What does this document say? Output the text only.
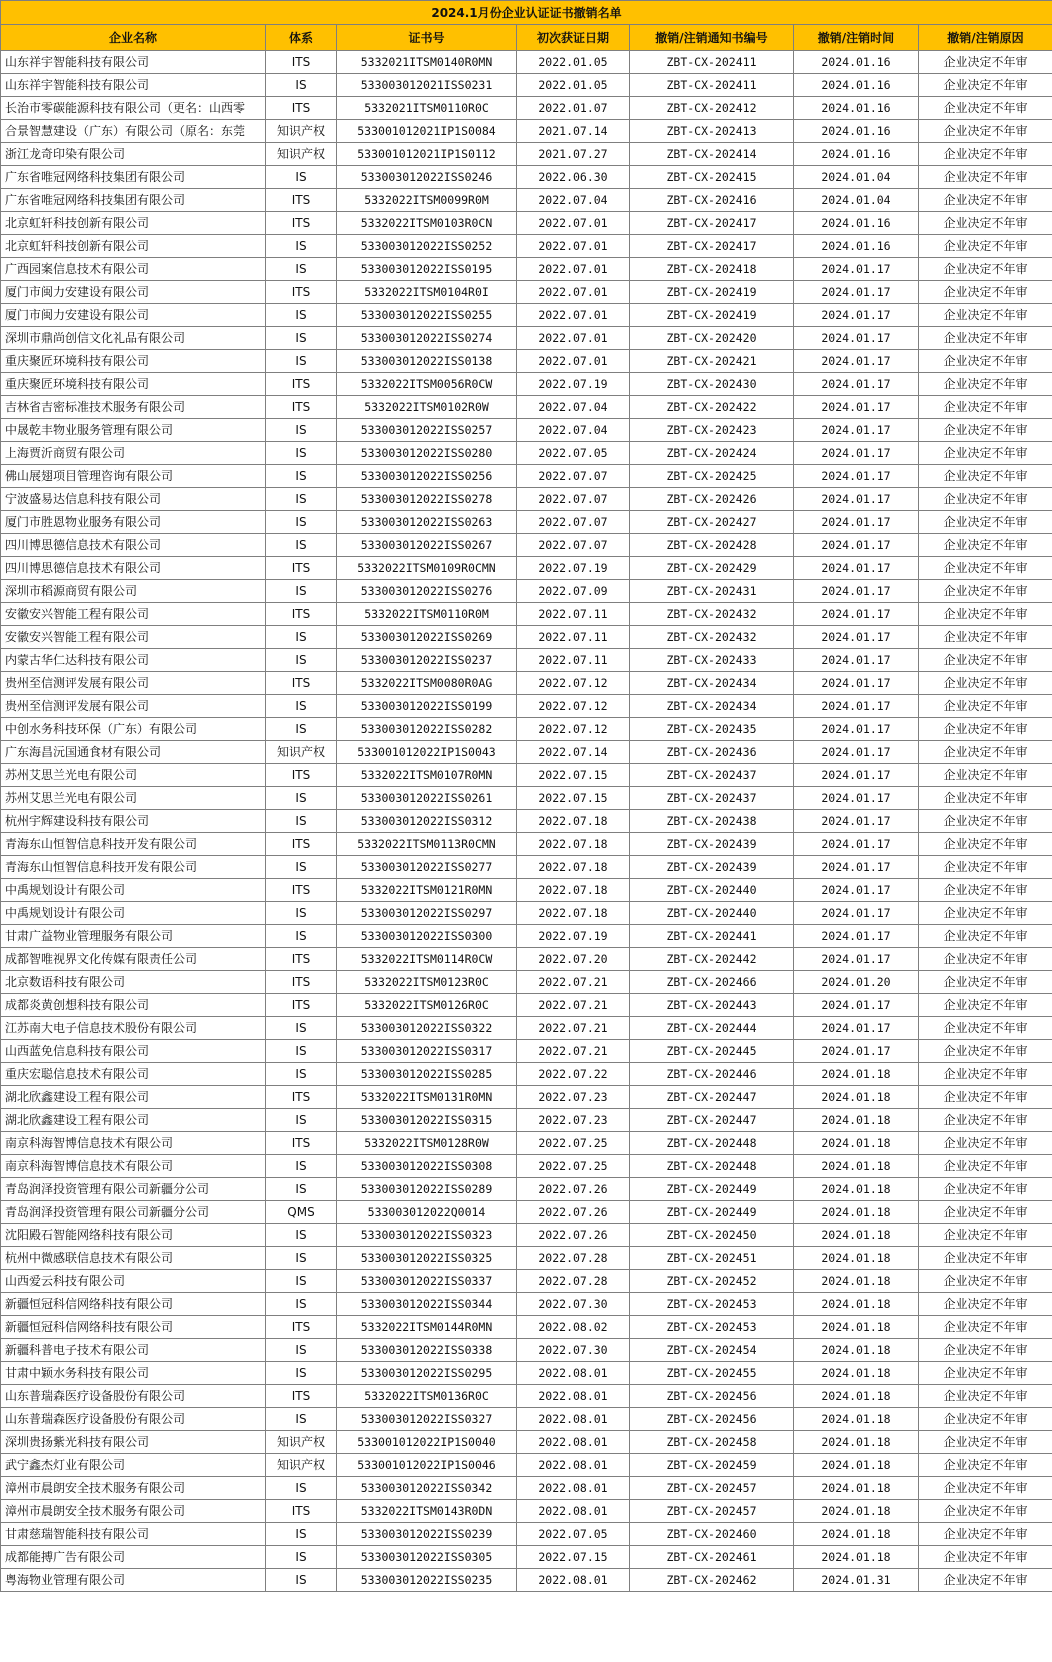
2024.1月份企业认证证书撤销名单						
企业名称	体系	证书号	初次获证日期	撤销/注销通知书编号	撤销/注销时间	撤销/注销原因
山东祥宇智能科技有限公司	ITS	5332021ITSM0140R0MN	2022.01.05	ZBT-CX-202411	2024.01.16	企业决定不年审
山东祥宇智能科技有限公司	IS	533003012021ISS0231	2022.01.05	ZBT-CX-202411	2024.01.16	企业决定不年审
长治市零碳能源科技有限公司（更名：山西零	ITS	5332021ITSM0110R0C	2022.01.07	ZBT-CX-202412	2024.01.16	企业决定不年审
合景智慧建设（广东）有限公司（原名：东莞	知识产权	533001012021IP1S0084	2021.07.14	ZBT-CX-202413	2024.01.16	企业决定不年审
浙江龙奇印染有限公司	知识产权	533001012021IP1S0112	2021.07.27	ZBT-CX-202414	2024.01.16	企业决定不年审
广东省唯冠网络科技集团有限公司	IS	533003012022ISS0246	2022.06.30	ZBT-CX-202415	2024.01.04	企业决定不年审
广东省唯冠网络科技集团有限公司	ITS	5332022ITSM0099R0M	2022.07.04	ZBT-CX-202416	2024.01.04	企业决定不年审
北京虹轩科技创新有限公司	ITS	5332022ITSM0103R0CN	2022.07.01	ZBT-CX-202417	2024.01.16	企业决定不年审
北京虹轩科技创新有限公司	IS	533003012022ISS0252	2022.07.01	ZBT-CX-202417	2024.01.16	企业决定不年审
广西园案信息技术有限公司	IS	533003012022ISS0195	2022.07.01	ZBT-CX-202418	2024.01.17	企业决定不年审
厦门市闽力安建设有限公司	ITS	5332022ITSM0104R0I	2022.07.01	ZBT-CX-202419	2024.01.17	企业决定不年审
厦门市闽力安建设有限公司	IS	533003012022ISS0255	2022.07.01	ZBT-CX-202419	2024.01.17	企业决定不年审
深圳市鼎尚创信文化礼品有限公司	IS	533003012022ISS0274	2022.07.01	ZBT-CX-202420	2024.01.17	企业决定不年审
重庆聚匠环境科技有限公司	IS	533003012022ISS0138	2022.07.01	ZBT-CX-202421	2024.01.17	企业决定不年审
重庆聚匠环境科技有限公司	ITS	5332022ITSM0056R0CW	2022.07.19	ZBT-CX-202430	2024.01.17	企业决定不年审
吉林省吉密标准技术服务有限公司	ITS	5332022ITSM0102R0W	2022.07.04	ZBT-CX-202422	2024.01.17	企业决定不年审
中晟乾丰物业服务管理有限公司	IS	533003012022ISS0257	2022.07.04	ZBT-CX-202423	2024.01.17	企业决定不年审
上海贾沂商贸有限公司	IS	533003012022ISS0280	2022.07.05	ZBT-CX-202424	2024.01.17	企业决定不年审
佛山展翅项目管理咨询有限公司	IS	533003012022ISS0256	2022.07.07	ZBT-CX-202425	2024.01.17	企业决定不年审
宁波盛易达信息科技有限公司	IS	533003012022ISS0278	2022.07.07	ZBT-CX-202426	2024.01.17	企业决定不年审
厦门市胜恩物业服务有限公司	IS	533003012022ISS0263	2022.07.07	ZBT-CX-202427	2024.01.17	企业决定不年审
四川博思德信息技术有限公司	IS	533003012022ISS0267	2022.07.07	ZBT-CX-202428	2024.01.17	企业决定不年审
四川博思德信息技术有限公司	ITS	5332022ITSM0109R0CMN	2022.07.19	ZBT-CX-202429	2024.01.17	企业决定不年审
深圳市稻源商贸有限公司	IS	533003012022ISS0276	2022.07.09	ZBT-CX-202431	2024.01.17	企业决定不年审
安徽安兴智能工程有限公司	ITS	5332022ITSM0110R0M	2022.07.11	ZBT-CX-202432	2024.01.17	企业决定不年审
安徽安兴智能工程有限公司	IS	533003012022ISS0269	2022.07.11	ZBT-CX-202432	2024.01.17	企业决定不年审
内蒙古华仁达科技有限公司	IS	533003012022ISS0237	2022.07.11	ZBT-CX-202433	2024.01.17	企业决定不年审
贵州至信测评发展有限公司	ITS	5332022ITSM0080R0AG	2022.07.12	ZBT-CX-202434	2024.01.17	企业决定不年审
贵州至信测评发展有限公司	IS	533003012022ISS0199	2022.07.12	ZBT-CX-202434	2024.01.17	企业决定不年审
中创水务科技环保（广东）有限公司	IS	533003012022ISS0282	2022.07.12	ZBT-CX-202435	2024.01.17	企业决定不年审
广东海昌沅国通食材有限公司	知识产权	533001012022IP1S0043	2022.07.14	ZBT-CX-202436	2024.01.17	企业决定不年审
苏州艾思兰光电有限公司	ITS	5332022ITSM0107R0MN	2022.07.15	ZBT-CX-202437	2024.01.17	企业决定不年审
苏州艾思兰光电有限公司	IS	533003012022ISS0261	2022.07.15	ZBT-CX-202437	2024.01.17	企业决定不年审
杭州宇辉建设科技有限公司	IS	533003012022ISS0312	2022.07.18	ZBT-CX-202438	2024.01.17	企业决定不年审
青海东山恒智信息科技开发有限公司	ITS	5332022ITSM0113R0CMN	2022.07.18	ZBT-CX-202439	2024.01.17	企业决定不年审
青海东山恒智信息科技开发有限公司	IS	533003012022ISS0277	2022.07.18	ZBT-CX-202439	2024.01.17	企业决定不年审
中禹规划设计有限公司	ITS	5332022ITSM0121R0MN	2022.07.18	ZBT-CX-202440	2024.01.17	企业决定不年审
中禹规划设计有限公司	IS	533003012022ISS0297	2022.07.18	ZBT-CX-202440	2024.01.17	企业决定不年审
甘肃广益物业管理服务有限公司	IS	533003012022ISS0300	2022.07.19	ZBT-CX-202441	2024.01.17	企业决定不年审
成都智唯视界文化传媒有限责任公司	ITS	5332022ITSM0114R0CW	2022.07.20	ZBT-CX-202442	2024.01.17	企业决定不年审
北京数语科技有限公司	ITS	5332022ITSM0123R0C	2022.07.21	ZBT-CX-202466	2024.01.20	企业决定不年审
成都炎黄创想科技有限公司	ITS	5332022ITSM0126R0C	2022.07.21	ZBT-CX-202443	2024.01.17	企业决定不年审
江苏南大电子信息技术股份有限公司	IS	533003012022ISS0322	2022.07.21	ZBT-CX-202444	2024.01.17	企业决定不年审
山西蓝免信息科技有限公司	IS	533003012022ISS0317	2022.07.21	ZBT-CX-202445	2024.01.17	企业决定不年审
重庆宏聪信息技术有限公司	IS	533003012022ISS0285	2022.07.22	ZBT-CX-202446	2024.01.18	企业决定不年审
湖北欣鑫建设工程有限公司	ITS	5332022ITSM0131R0MN	2022.07.23	ZBT-CX-202447	2024.01.18	企业决定不年审
湖北欣鑫建设工程有限公司	IS	533003012022ISS0315	2022.07.23	ZBT-CX-202447	2024.01.18	企业决定不年审
南京科海智博信息技术有限公司	ITS	5332022ITSM0128R0W	2022.07.25	ZBT-CX-202448	2024.01.18	企业决定不年审
南京科海智博信息技术有限公司	IS	533003012022ISS0308	2022.07.25	ZBT-CX-202448	2024.01.18	企业决定不年审
青岛润泽投资管理有限公司新疆分公司	IS	533003012022ISS0289	2022.07.26	ZBT-CX-202449	2024.01.18	企业决定不年审
青岛润泽投资管理有限公司新疆分公司	QMS	533003012022Q0014	2022.07.26	ZBT-CX-202449	2024.01.18	企业决定不年审
沈阳殿石智能网络科技有限公司	IS	533003012022ISS0323	2022.07.26	ZBT-CX-202450	2024.01.18	企业决定不年审
杭州中微感联信息技术有限公司	IS	533003012022ISS0325	2022.07.28	ZBT-CX-202451	2024.01.18	企业决定不年审
山西爱云科技有限公司	IS	533003012022ISS0337	2022.07.28	ZBT-CX-202452	2024.01.18	企业决定不年审
新疆恒冠科信网络科技有限公司	IS	533003012022ISS0344	2022.07.30	ZBT-CX-202453	2024.01.18	企业决定不年审
新疆恒冠科信网络科技有限公司	ITS	5332022ITSM0144R0MN	2022.08.02	ZBT-CX-202453	2024.01.18	企业决定不年审
新疆科普电子技术有限公司	IS	533003012022ISS0338	2022.07.30	ZBT-CX-202454	2024.01.18	企业决定不年审
甘肃中颖水务科技有限公司	IS	533003012022ISS0295	2022.08.01	ZBT-CX-202455	2024.01.18	企业决定不年审
山东普瑞森医疗设备股份有限公司	ITS	5332022ITSM0136R0C	2022.08.01	ZBT-CX-202456	2024.01.18	企业决定不年审
山东普瑞森医疗设备股份有限公司	IS	533003012022ISS0327	2022.08.01	ZBT-CX-202456	2024.01.18	企业决定不年审
深圳贵扬紫光科技有限公司	知识产权	533001012022IP1S0040	2022.08.01	ZBT-CX-202458	2024.01.18	企业决定不年审
武宁鑫杰灯业有限公司	知识产权	533001012022IP1S0046	2022.08.01	ZBT-CX-202459	2024.01.18	企业决定不年审
漳州市晨朗安全技术服务有限公司	IS	533003012022ISS0342	2022.08.01	ZBT-CX-202457	2024.01.18	企业决定不年审
漳州市晨朗安全技术服务有限公司	ITS	5332022ITSM0143R0DN	2022.08.01	ZBT-CX-202457	2024.01.18	企业决定不年审
甘肃慈瑞智能科技有限公司	IS	533003012022ISS0239	2022.07.05	ZBT-CX-202460	2024.01.18	企业决定不年审
成都能搏广告有限公司	IS	533003012022ISS0305	2022.07.15	ZBT-CX-202461	2024.01.18	企业决定不年审
粤海物业管理有限公司	IS	533003012022ISS0235	2022.08.01	ZBT-CX-202462	2024.01.31	企业决定不年审
